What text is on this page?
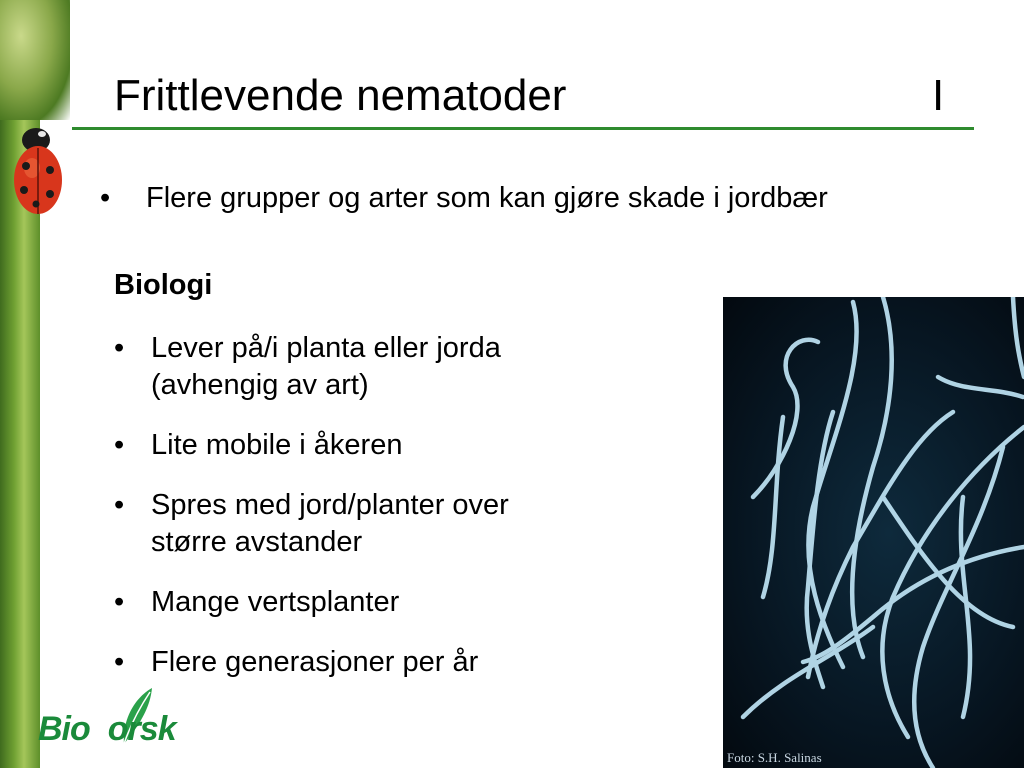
Frittlevende nematoder	I
• Flere grupper og arter som kan gjøre skade i jordbær
Biologi
• Lever på/i planta eller jorda
(avhengig av art)
• Lite mobile i åkeren
• Spres med jord/planter over
større avstander
• Mange vertsplanter
• Flere generasjoner per år
Foto: S.H. Salinas
Bio orsk
